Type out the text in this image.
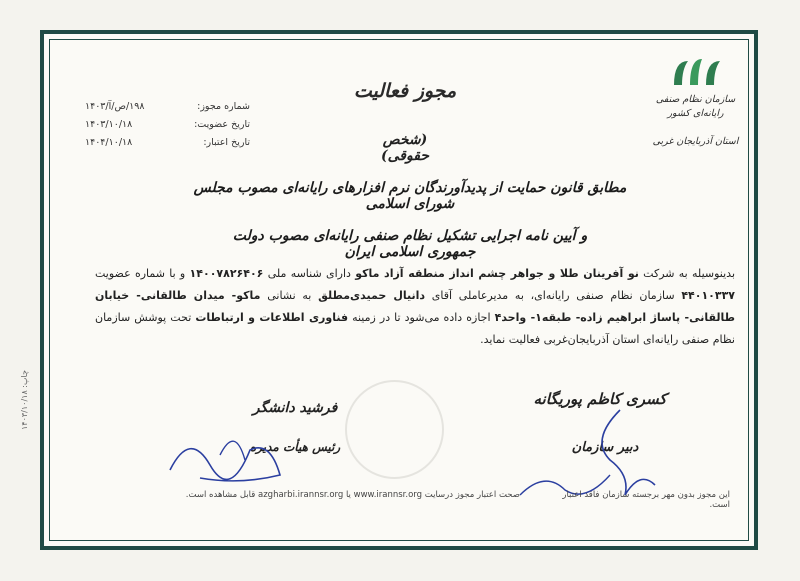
سازمان نظام صنفی رایانه‌ای کشور
استان آذربایجان غربی
مجوز فعالیت
(شخص حقوقی)
شماره مجوز:
۱۹۸/ص/آ/۱۴۰۳
تاریخ عضویت:
۱۴۰۳/۱۰/۱۸
تاریخ اعتبار:
۱۴۰۴/۱۰/۱۸
مطابق قانون حمایت از پدیدآورندگان نرم افزارهای رایانه‌ای مصوب مجلس شورای اسلامی
و آیین نامه اجرایی تشکیل نظام صنفی رایانه‌ای مصوب دولت جمهوری اسلامی ایران
بدینوسیله به شرکت نو آفرینان طلا و جواهر چشم انداز منطقه آزاد ماکو دارای شناسه ملی ۱۴۰۰۷۸۲۶۴۰۶ و با شماره عضویت ۴۴۰۱۰۳۳۷ سازمان نظام صنفی رایانه‌ای، به مدیرعاملی آقای دانیال حمیدی‌مطلق به نشانی ماکو- میدان طالقانی- خیابان طالقانی- پاساژ ابراهیم زاده- طبقه۱- واحد۴ اجازه داده می‌شود تا در زمینه فناوری اطلاعات و ارتباطات تحت پوشش سازمان نظام صنفی رایانه‌ای استان آذربایجان‌غربی فعالیت نماید.
فرشید دانشگر
رئیس هیأت مدیره
کسری کاظم پوریگانه
دبیر سازمان
صحت اعتبار مجوز درسایت www.irannsr.org یا azgharbi.irannsr.org قابل مشاهده است.	این مجوز بدون مهر برجسته سازمان فاقد اعتبار است.
چاپ: ۱۴۰۳/۱۰/۱۸
